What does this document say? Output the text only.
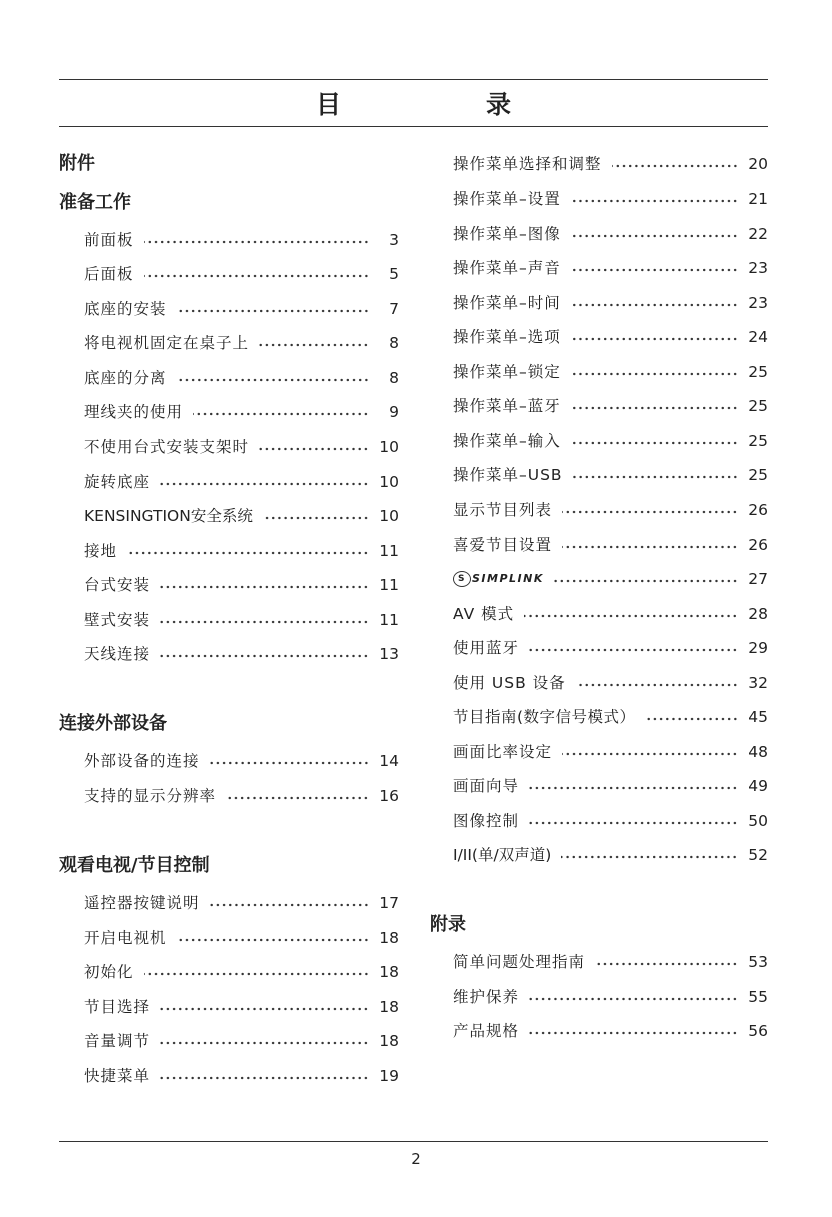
目　录
附件
准备工作
前面板	3
后面板	5
底座的安装	7
将电视机固定在桌子上	8
底座的分离	8
理线夹的使用	9
不使用台式安装支架时	10
旋转底座	10
KENSINGTION安全系统	10
接地	11
台式安装	11
壁式安装	11
天线连接	13
连接外部设备
外部设备的连接	14
支持的显示分辨率	16
观看电视/节目控制
遥控器按键说明	17
开启电视机	18
初始化	18
节目选择	18
音量调节	18
快捷菜单	19
操作菜单选择和调整	20
操作菜单–设置	21
操作菜单–图像	22
操作菜单–声音	23
操作菜单–时间	23
操作菜单–选项	24
操作菜单–锁定	25
操作菜单–蓝牙	25
操作菜单–输入	25
操作菜单–USB	25
显示节目列表	26
喜爱节目设置	26
S SIMPLINK	27
AV 模式	28
使用蓝牙	29
使用 USB 设备	32
节目指南(数字信号模式）	45
画面比率设定	48
画面向导	49
图像控制	50
I/II(单/双声道)	52
附录
简单问题处理指南	53
维护保养	55
产品规格	56
2
